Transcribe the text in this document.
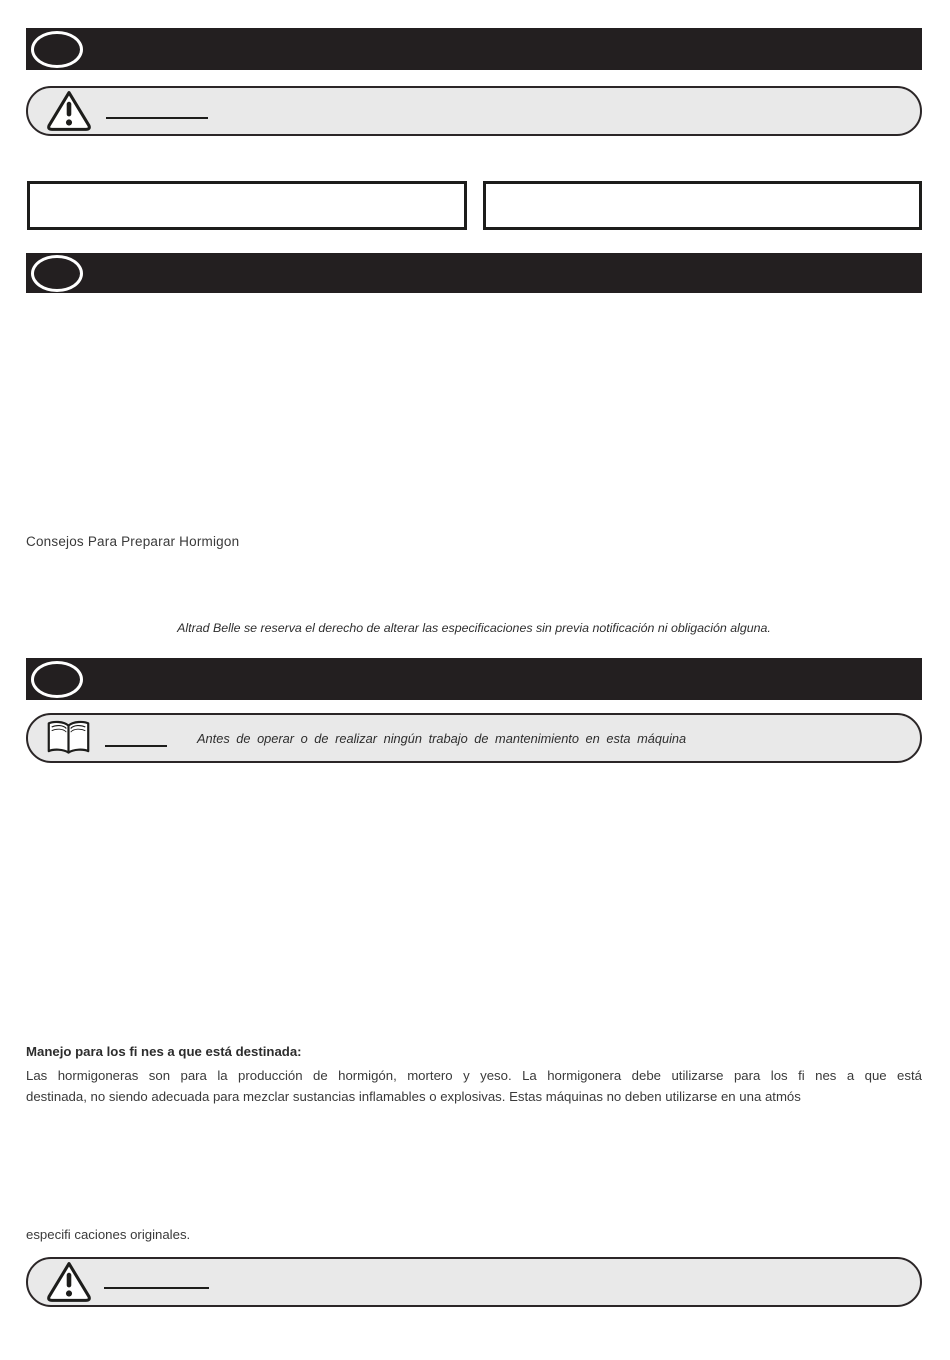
Consejos Para Preparar Hormigon
Altrad Belle se reserva el derecho de alterar las especificaciones sin previa notificación ni obligación alguna.
Antes de operar o de realizar ningún trabajo de mantenimiento en esta máquina
Manejo para los fi nes a que está destinada:
Las hormigoneras son para la producción de hormigón, mortero y yeso. La hormigonera debe utilizarse para los fi nes a que está
destinada, no siendo adecuada para mezclar sustancias inflamables o explosivas. Estas máquinas no deben utilizarse en una atmós
especifi caciones originales.
